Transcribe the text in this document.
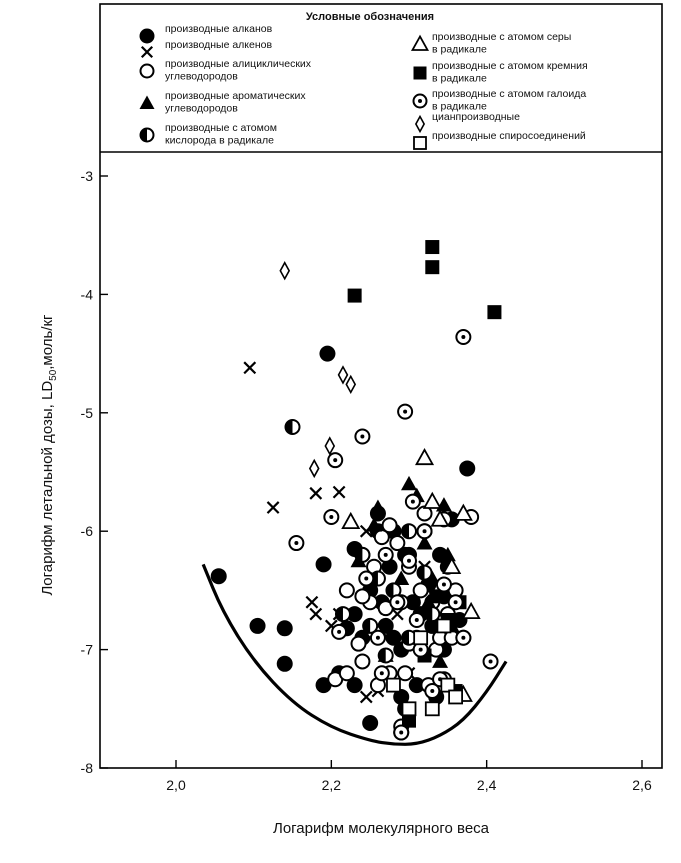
Условные обозначения
производные алканов
производные алкенов
производные алициклических
углеводородов
производные ароматических
углеводородов
производные с атомом
кислорода в радикале
производные с атомом серы
в радикале
производные с атомом кремния
в радикале
производные с атомом галоида
в радикале
цианпроизводные
производные спиросоединений
2,0	2,2	2,4	2,6
-3
-4
-5
-6
-7
-8
Логарифм молекулярного веса
Логарифм летальной дозы, $LD_{50},моль/кг$
